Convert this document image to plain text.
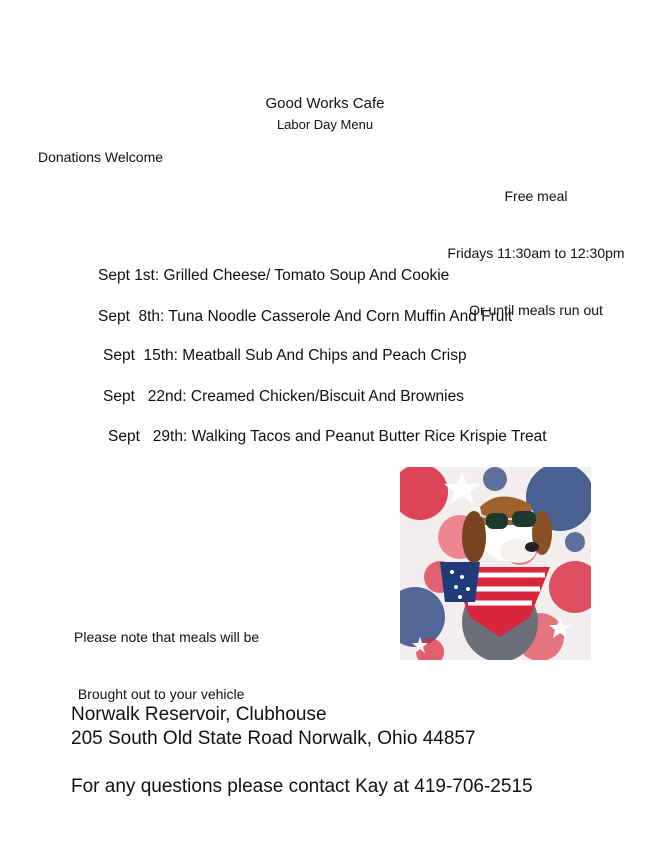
Good Works Cafe
Labor Day Menu
Donations Welcome

Free meal

Fridays 11:30am to 12:30pm

Or until meals run out

Sept 1st: Grilled Cheese/ Tomato Soup And Cookie
Sept  8th: Tuna Noodle Casserole And Corn Muffin And Fruit
Sept  15th: Meatball Sub And Chips and Peach Crisp
Sept   22nd: Creamed Chicken/Biscuit And Brownies
Sept   29th: Walking Tacos and Peanut Butter Rice Krispie Treat

Please note that meals will be

Brought out to your vehicle

Norwalk Reservoir, Clubhouse
205 South Old State Road Norwalk, Ohio 44857
For any questions please contact Kay at 419-706-2515
